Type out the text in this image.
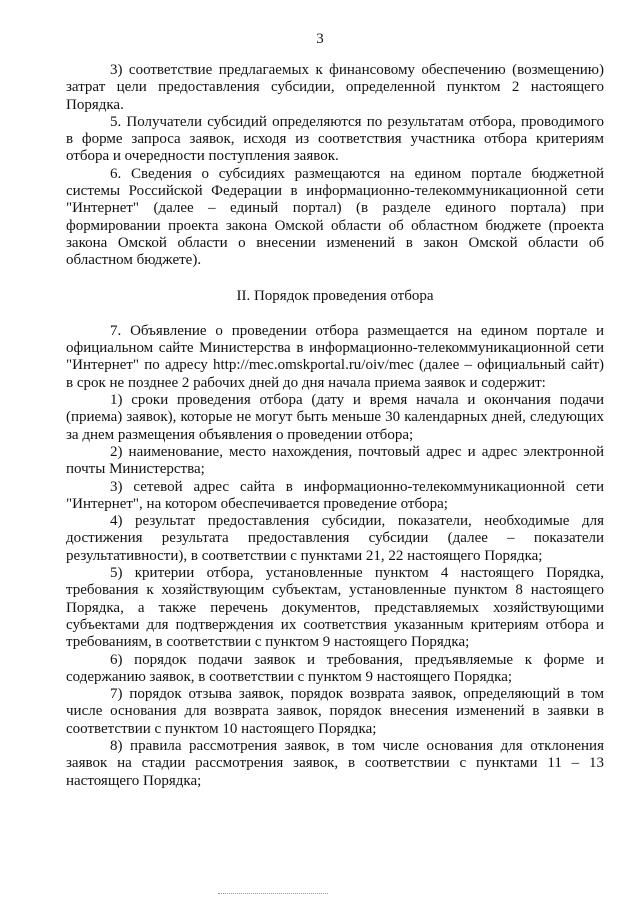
3

3) соответствие предлагаемых к финансовому обеспечению (возмещению) затрат цели предоставления субсидии, определенной пунктом 2 настоящего Порядка.

5. Получатели субсидий определяются по результатам отбора, проводимого в форме запроса заявок, исходя из соответствия участника отбора критериям отбора и очередности поступления заявок.

6. Сведения о субсидиях размещаются на едином портале бюджетной системы Российской Федерации в информационно-телекоммуникационной сети "Интернет" (далее – единый портал) (в разделе единого портала) при формировании проекта закона Омской области об областном бюджете (проекта закона Омской области о внесении изменений в закон Омской области об областном бюджете).

II. Порядок проведения отбора

7. Объявление о проведении отбора размещается на едином портале и официальном сайте Министерства в информационно-телекоммуникационной сети "Интернет" по адресу http://mec.omskportal.ru/oiv/mec (далее – официальный сайт) в срок не позднее 2 рабочих дней до дня начала приема заявок и содержит:

1) сроки проведения отбора (дату и время начала и окончания подачи (приема) заявок), которые не могут быть меньше 30 календарных дней, следующих за днем размещения объявления о проведении отбора;

2) наименование, место нахождения, почтовый адрес и адрес электронной почты Министерства;

3) сетевой адрес сайта в информационно-телекоммуникационной сети "Интернет", на котором обеспечивается проведение отбора;

4) результат предоставления субсидии, показатели, необходимые для достижения результата предоставления субсидии (далее – показатели результативности), в соответствии с пунктами 21, 22 настоящего Порядка;

5) критерии отбора, установленные пунктом 4 настоящего Порядка, требования к хозяйствующим субъектам, установленные пунктом 8 настоящего Порядка, а также перечень документов, представляемых хозяйствующими субъектами для подтверждения их соответствия указанным критериям отбора и требованиям, в соответствии с пунктом 9 настоящего Порядка;

6) порядок подачи заявок и требования, предъявляемые к форме и содержанию заявок, в соответствии с пунктом 9 настоящего Порядка;

7) порядок отзыва заявок, порядок возврата заявок, определяющий в том числе основания для возврата заявок, порядок внесения изменений в заявки в соответствии с пунктом 10 настоящего Порядка;

8) правила рассмотрения заявок, в том числе основания для отклонения заявок на стадии рассмотрения заявок, в соответствии с пунктами 11 – 13 настоящего Порядка;
